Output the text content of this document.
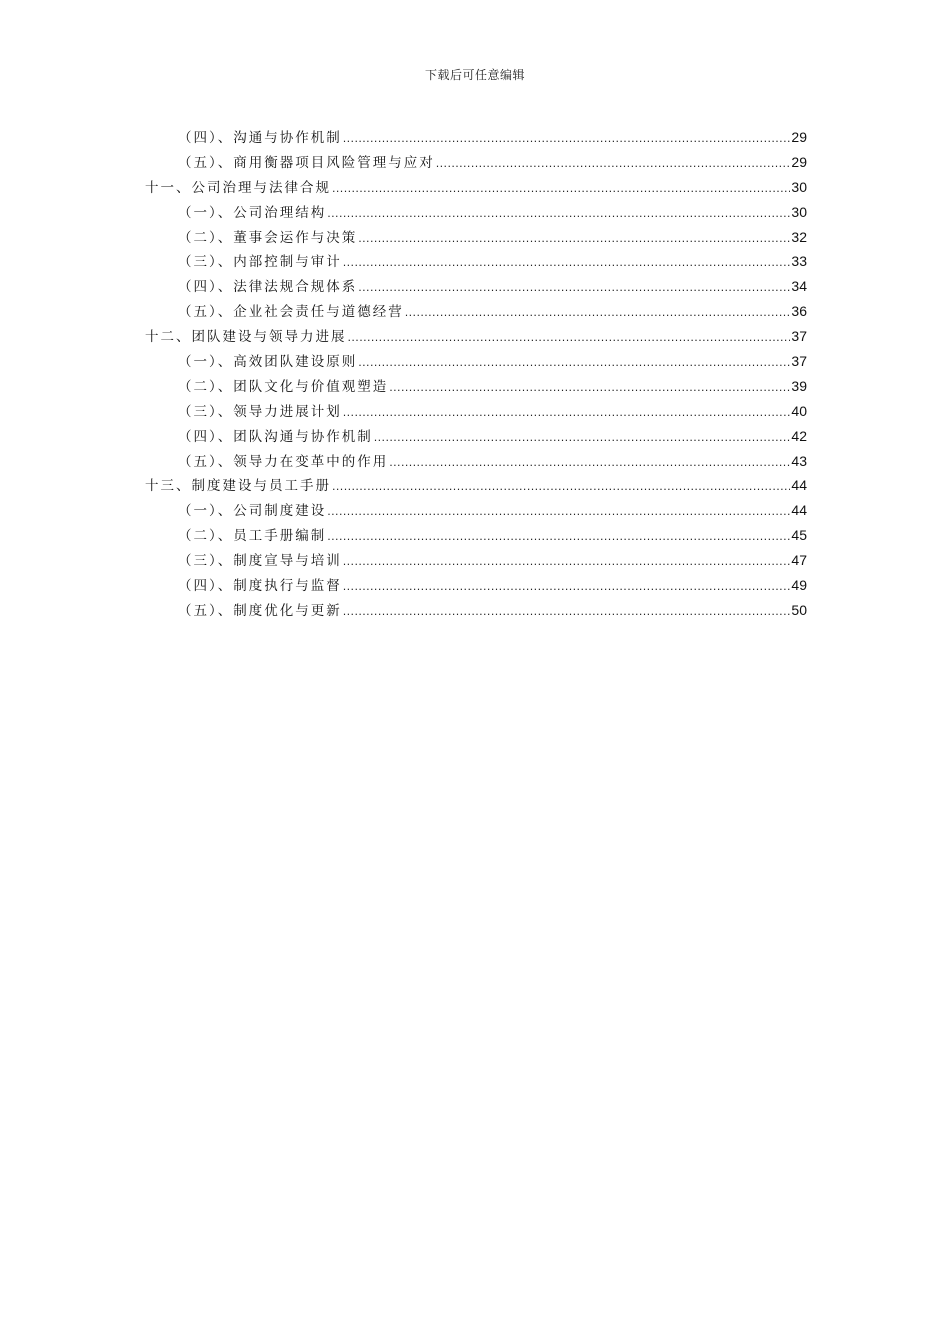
下载后可任意编辑
（四）、沟通与协作机制 .....	29
（五）、商用衡器项目风险管理与应对 .....	29
十一、公司治理与法律合规 .....	30
（一）、公司治理结构 .....	30
（二）、董事会运作与决策 .....	32
（三）、内部控制与审计 .....	33
（四）、法律法规合规体系 .....	34
（五）、企业社会责任与道德经营 .....	36
十二、团队建设与领导力进展 .....	37
（一）、高效团队建设原则 .....	37
（二）、团队文化与价值观塑造 .....	39
（三）、领导力进展计划 .....	40
（四）、团队沟通与协作机制 .....	42
（五）、领导力在变革中的作用 .....	43
十三、制度建设与员工手册 .....	44
（一）、公司制度建设 .....	44
（二）、员工手册编制 .....	45
（三）、制度宣导与培训 .....	47
（四）、制度执行与监督 .....	49
（五）、制度优化与更新 .....	50
